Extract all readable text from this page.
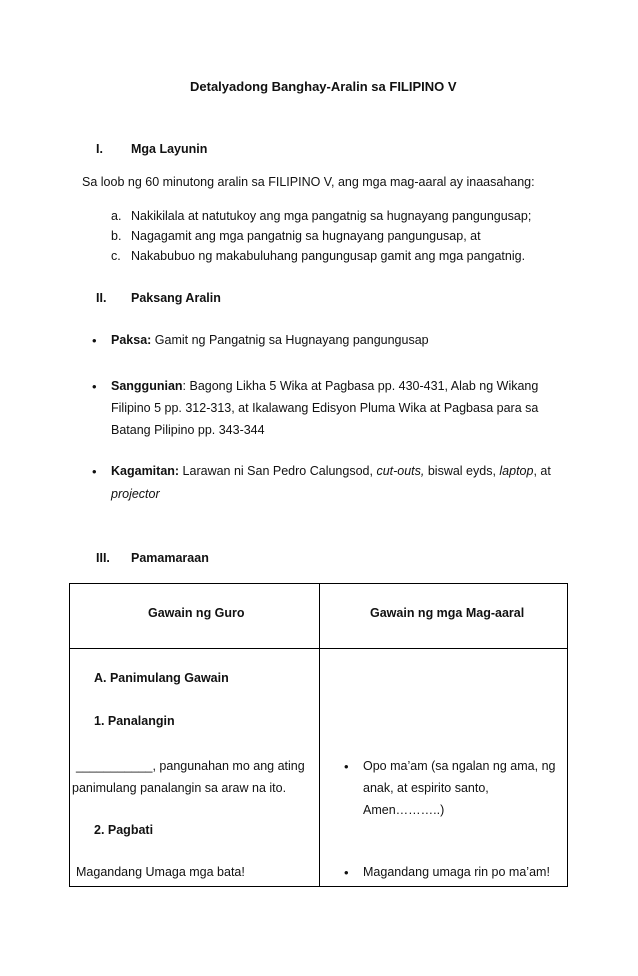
Detalyadong Banghay-Aralin sa FILIPINO V
I. Mga Layunin
Sa loob ng 60 minutong aralin sa FILIPINO V, ang mga mag-aaral ay inaasahang:
a. Nakikilala at natutukoy ang mga pangatnig sa hugnayang pangungusap;
b. Nagagamit ang mga pangatnig sa hugnayang pangungusap, at
c. Nakabubuo ng makabuluhang pangungusap gamit ang mga pangatnig.
II. Paksang Aralin
• Paksa: Gamit ng Pangatnig sa Hugnayang pangungusap
• Sanggunian: Bagong Likha 5 Wika at Pagbasa pp. 430-431, Alab ng Wikang
Filipino 5 pp. 312-313, at Ikalawang Edisyon Pluma Wika at Pagbasa para sa
Batang Pilipino pp. 343-344
• Kagamitan: Larawan ni San Pedro Calungsod, cut-outs, biswal eyds, laptop, at
projector
III. Pamamaraan
Gawain ng Guro	Gawain ng mga Mag-aaral
A. Panimulang Gawain
1. Panalangin
___________, pangunahan mo ang ating
panimulang panalangin sa araw na ito.
2. Pagbati
Magandang Umaga mga bata!
• Opo ma’am (sa ngalan ng ama, ng
anak, at espirito santo,
Amen………..)
• Magandang umaga rin po ma’am!
